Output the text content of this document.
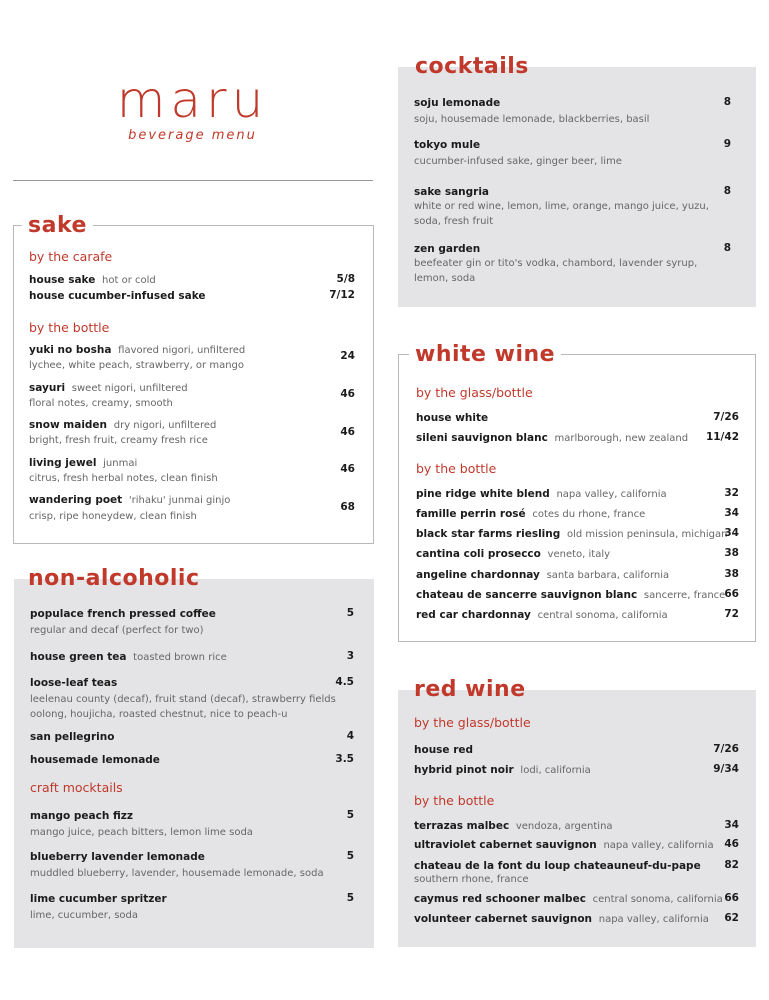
maru
beverage menu
sake
by the carafe
house sake hot or cold	5/8
house cucumber-infused sake	7/12
by the bottle
yuki no bosha flavored nigori, unfiltered
lychee, white peach, strawberry, or mango
24
sayuri sweet nigori, unfiltered
floral notes, creamy, smooth
46
snow maiden dry nigori, unfiltered
bright, fresh fruit, creamy fresh rice
46
living jewel junmai
citrus, fresh herbal notes, clean finish
46
wandering poet 'rihaku' junmai ginjo
crisp, ripe honeydew, clean finish
68
non-alcoholic
populace french pressed coffee
regular and decaf (perfect for two)
5
house green tea toasted brown rice	3
loose-leaf teas
leelenau county (decaf), fruit stand (decaf), strawberry fields
oolong, houjicha, roasted chestnut, nice to peach-u
4.5
san pellegrino	4
housemade lemonade	3.5
craft mocktails
mango peach fizz
mango juice, peach bitters, lemon lime soda
5
blueberry lavender lemonade
muddled blueberry, lavender, housemade lemonade, soda
5
lime cucumber spritzer
lime, cucumber, soda
5
cocktails
soju lemonade
soju, housemade lemonade, blackberries, basil
8
tokyo mule
cucumber-infused sake, ginger beer, lime
9
sake sangria
white or red wine, lemon, lime, orange, mango juice, yuzu,
soda, fresh fruit
8
zen garden
beefeater gin or tito's vodka, chambord, lavender syrup,
lemon, soda
8
white wine
by the glass/bottle
house white	7/26
sileni sauvignon blanc marlborough, new zealand 11/42
by the bottle
pine ridge white blend napa valley, california	32
famille perrin rosé cotes du rhone, france	34
black star farms riesling old mission peninsula, michigan
34
cantina coli prosecco veneto, italy	38
angeline chardonnay santa barbara, california	38
chateau de sancerre sauvignon blanc sancerre, france 66
red car chardonnay central sonoma, california	72
red wine
by the glass/bottle
house red	7/26
hybrid pinot noir lodi, california	9/34
by the bottle
terrazas malbec vendoza, argentina	34
ultraviolet cabernet sauvignon napa valley, california 46
chateau de la font du loup chateauneuf-du-pape
southern rhone, france
82
caymus red schooner malbec central sonoma, california 66
volunteer cabernet sauvignon napa valley, california 62
